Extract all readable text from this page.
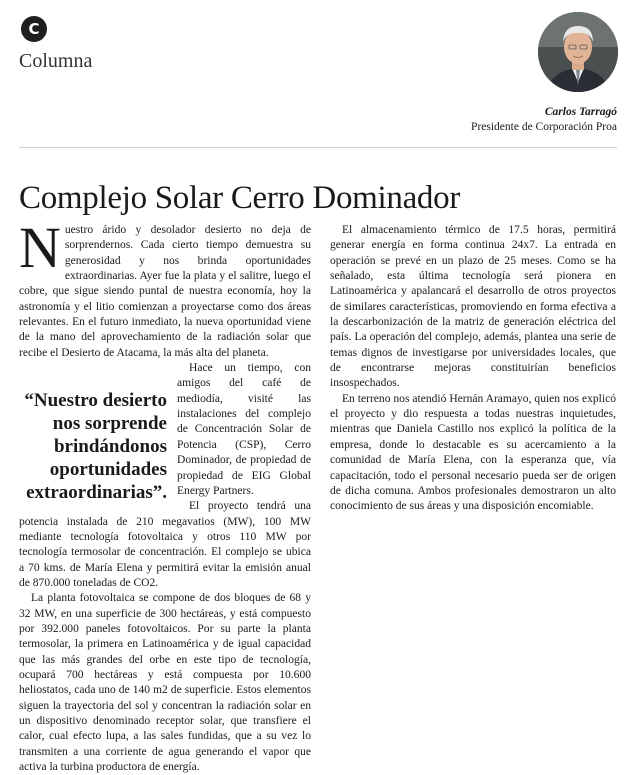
C
Columna
Carlos Tarragó
Presidente de Corporación Proa
Complejo Solar Cerro Dominador

Nuestro árido y desolador desierto no deja de sorprendernos. Cada cierto tiempo demuestra su generosidad y nos brinda oportunidades extraordinarias. Ayer fue la plata y el salitre, luego el cobre, que sigue siendo puntal de nuestra economía, hoy la astronomía y el litio comienzan a proyectarse como dos áreas relevantes. En el futuro inmediato, la nueva oportunidad viene de la mano del aprovechamiento de la radiación solar que recibe el Desierto de Atacama, la más alta del planeta.

“Nuestro desierto nos sorprende brindándonos oportunidades extraordinarias”.

Hace un tiempo, con amigos del café de mediodía, visité las instalaciones del complejo de Concentración Solar de Potencia (CSP), Cerro Dominador, de propiedad de propiedad de EIG Global Energy Partners.

El proyecto tendrá una potencia instalada de 210 megavatios (MW), 100 MW mediante tecnología fotovoltaica y otros 110 MW por tecnología termosolar de concentración. El complejo se ubica a 70 kms. de María Elena y permitirá evitar la emisión anual de 870.000 toneladas de CO2.

La planta fotovoltaica se compone de dos bloques de 68 y 32 MW, en una superficie de 300 hectáreas, y está compuesto por 392.000 paneles fotovoltaicos. Por su parte la planta termosolar, la primera en Latinoamérica y de igual capacidad que las más grandes del orbe en este tipo de tecnología, ocupará 700 hectáreas y está compuesta por 10.600 heliostatos, cada uno de 140 m2 de superficie. Estos elementos siguen la trayectoria del sol y concentran la radiación solar en un dispositivo denominado receptor solar, que transfiere el calor, cual efecto lupa, a las sales fundidas, que a su vez lo transmiten a una corriente de agua generando el vapor que activa la turbina productora de energía.

El almacenamiento térmico de 17.5 horas, permitirá generar energía en forma continua 24x7. La entrada en operación se prevé en un plazo de 25 meses. Como se ha señalado, esta última tecnología será pionera en Latinoamérica y apalancará el desarrollo de otros proyectos de similares características, promoviendo en forma efectiva a la descarbonización de la matriz de generación eléctrica del país. La operación del complejo, además, plantea una serie de temas dignos de investigarse por universidades locales, que de encontrarse mejoras constituirían beneficios insospechados.

En terreno nos atendió Hernán Aramayo, quien nos explicó el proyecto y dio respuesta a todas nuestras inquietudes, mientras que Daniela Castillo nos explicó la política de la empresa, donde lo destacable es su acercamiento a la comunidad de María Elena, con la esperanza que, vía capacitación, todo el personal necesario pueda ser de origen de dicha comuna. Ambos profesionales demostraron un alto conocimiento de sus áreas y una disposición encomiable.
